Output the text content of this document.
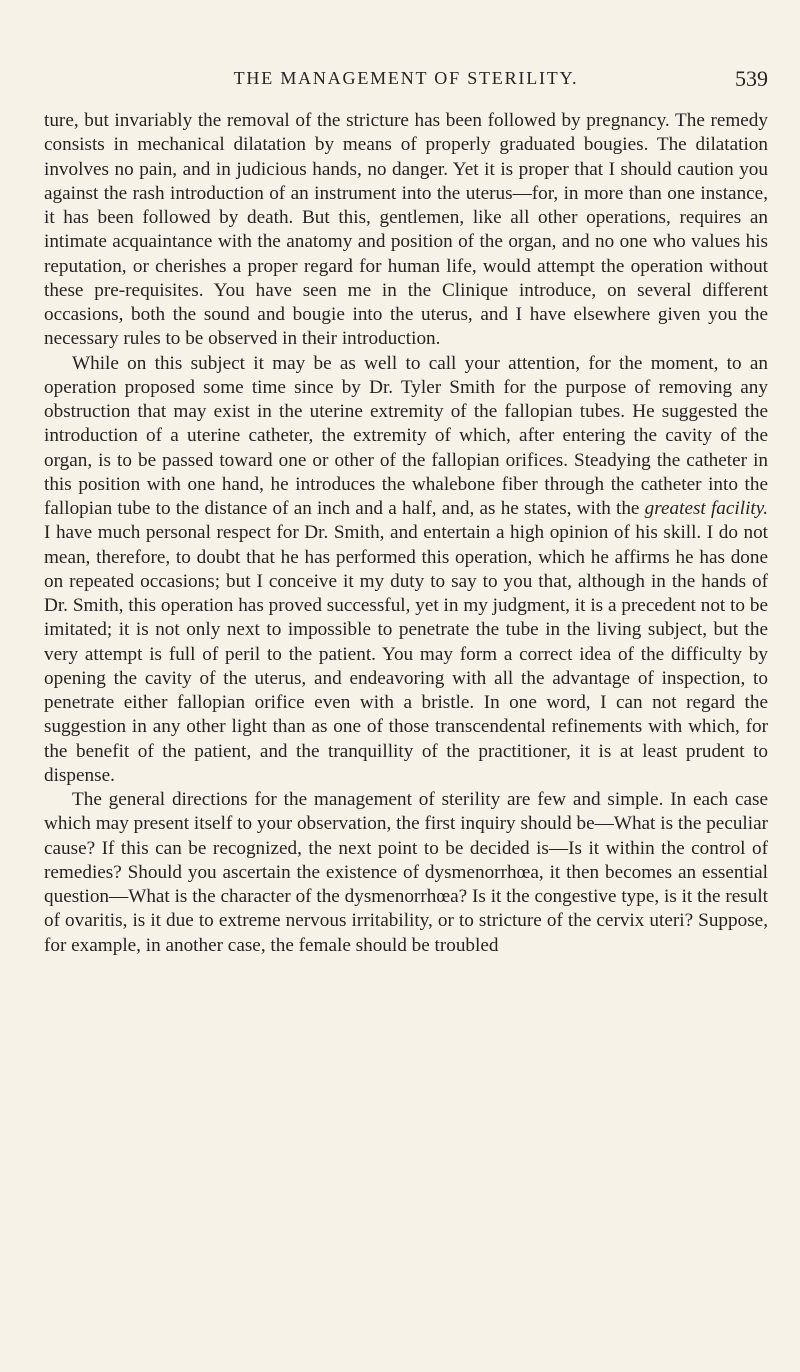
THE MANAGEMENT OF STERILITY.	539

ture, but invariably the removal of the stricture has been followed by pregnancy. The remedy consists in mechanical dilatation by means of properly graduated bougies. The dilatation involves no pain, and in judicious hands, no danger. Yet it is proper that I should caution you against the rash introduction of an instrument into the uterus—for, in more than one instance, it has been followed by death. But this, gentlemen, like all other operations, requires an intimate acquaintance with the anatomy and position of the organ, and no one who values his reputation, or cherishes a proper regard for human life, would attempt the operation without these pre-requisites. You have seen me in the Clinique introduce, on several different occasions, both the sound and bougie into the uterus, and I have elsewhere given you the necessary rules to be observed in their introduction.

While on this subject it may be as well to call your attention, for the moment, to an operation proposed some time since by Dr. Tyler Smith for the purpose of removing any obstruction that may exist in the uterine extremity of the fallopian tubes. He suggested the introduction of a uterine catheter, the extremity of which, after entering the cavity of the organ, is to be passed toward one or other of the fallopian orifices. Steadying the catheter in this position with one hand, he introduces the whalebone fiber through the catheter into the fallopian tube to the distance of an inch and a half, and, as he states, with the greatest facility. I have much personal respect for Dr. Smith, and entertain a high opinion of his skill. I do not mean, therefore, to doubt that he has performed this operation, which he affirms he has done on repeated occasions; but I conceive it my duty to say to you that, although in the hands of Dr. Smith, this operation has proved successful, yet in my judgment, it is a precedent not to be imitated; it is not only next to impossible to penetrate the tube in the living subject, but the very attempt is full of peril to the patient. You may form a correct idea of the difficulty by opening the cavity of the uterus, and endeavoring with all the advantage of inspection, to penetrate either fallopian orifice even with a bristle. In one word, I can not regard the suggestion in any other light than as one of those transcendental refinements with which, for the benefit of the patient, and the tranquillity of the practitioner, it is at least prudent to dispense.

The general directions for the management of sterility are few and simple. In each case which may present itself to your observation, the first inquiry should be—What is the peculiar cause? If this can be recognized, the next point to be decided is—Is it within the control of remedies? Should you ascertain the existence of dysmenorrhœa, it then becomes an essential question—What is the character of the dysmenorrhœa? Is it the congestive type, is it the result of ovaritis, is it due to extreme nervous irritability, or to stricture of the cervix uteri? Suppose, for example, in another case, the female should be troubled
